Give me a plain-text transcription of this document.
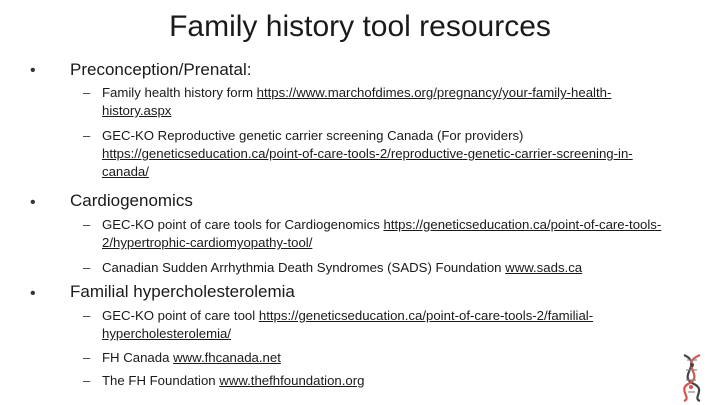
Family history tool resources
• Preconception/Prenatal:
– Family health history form https://www.marchofdimes.org/pregnancy/your-family-health-history.aspx
– GEC-KO Reproductive genetic carrier screening Canada (For providers) https://geneticseducation.ca/point-of-care-tools-2/reproductive-genetic-carrier-screening-in-canada/
• Cardiogenomics
– GEC-KO point of care tools for Cardiogenomics https://geneticseducation.ca/point-of-care-tools-2/hypertrophic-cardiomyopathy-tool/
– Canadian Sudden Arrhythmia Death Syndromes (SADS) Foundation www.sads.ca
• Familial hypercholesterolemia
– GEC-KO point of care tool https://geneticseducation.ca/point-of-care-tools-2/familial-hypercholesterolemia/
– FH Canada www.fhcanada.net
– The FH Foundation www.thefhfoundation.org
